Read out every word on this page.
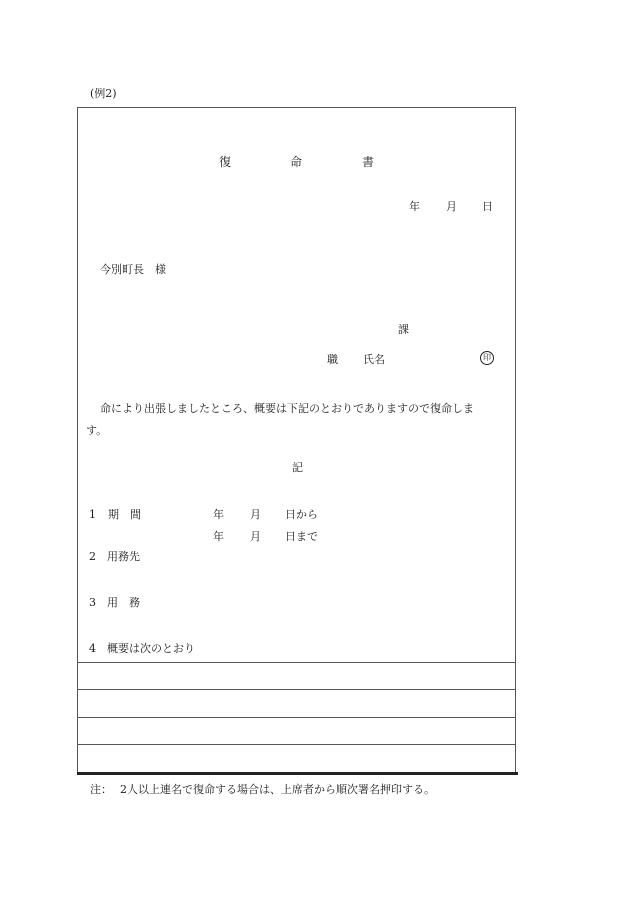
(例2)
復	命	書
年 月 日
今別町長　様
課
職 氏名	印
命により出張しましたところ、概要は下記のとおりでありますので復命しま
す。
記
1 期　間	年 月 日から
年 月 日まで
2 用務先
3 用　務
4 概要は次のとおり
注： 2人以上連名で復命する場合は、上席者から順次署名押印する。
